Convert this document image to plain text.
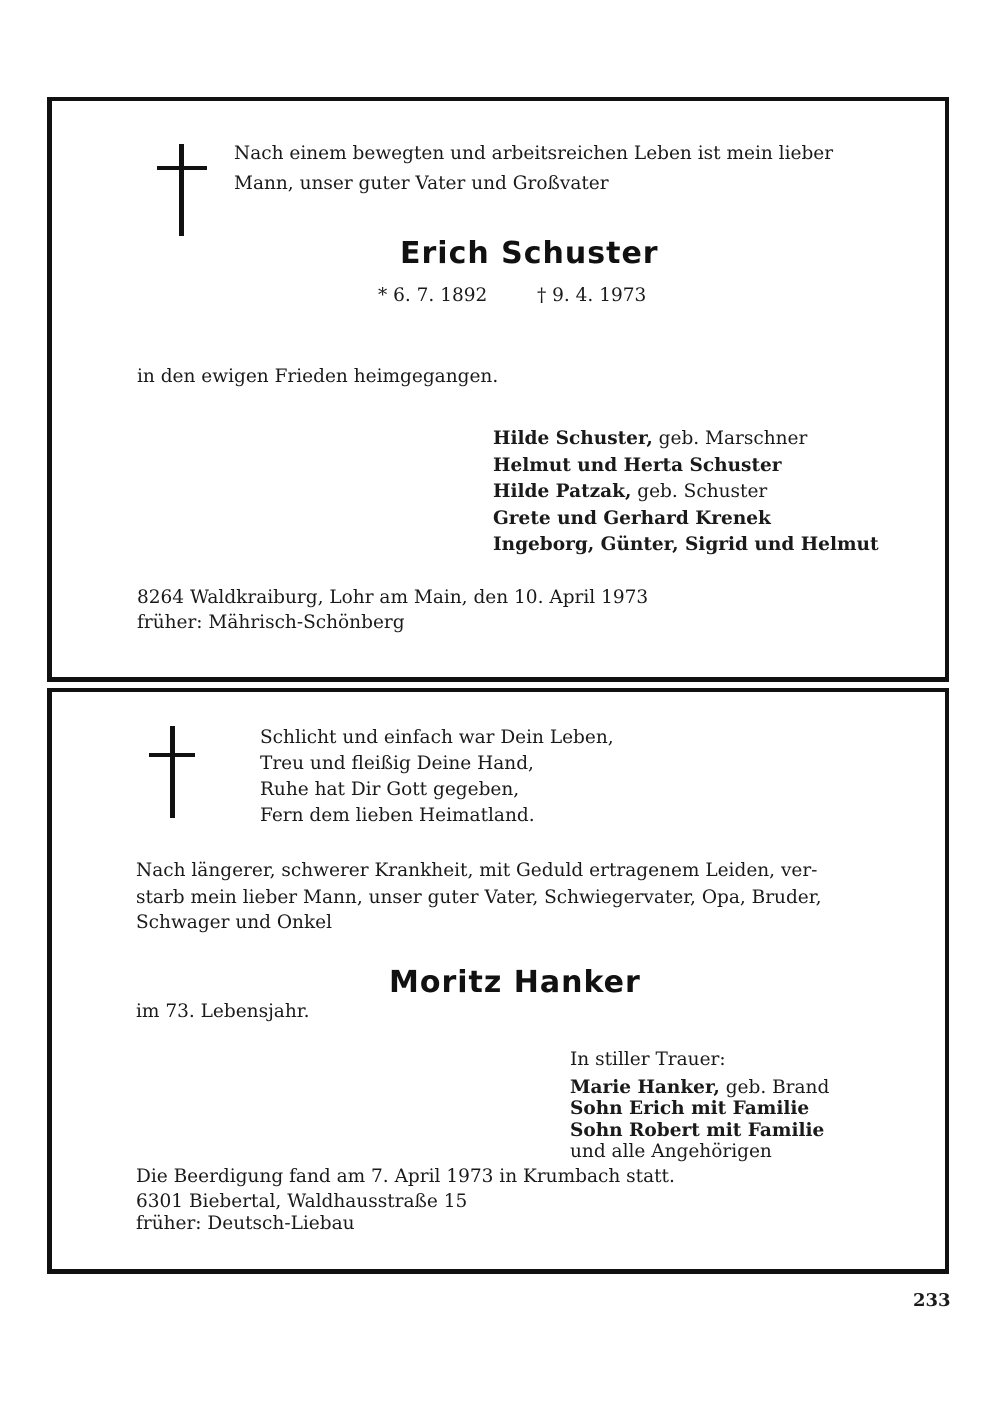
Nach einem bewegten und arbeitsreichen Leben ist mein lieber
Mann, unser guter Vater und Großvater
Erich Schuster
* 6. 7. 1892	† 9. 4. 1973
in den ewigen Frieden heimgegangen.
Hilde Schuster, geb. Marschner
Helmut und Herta Schuster
Hilde Patzak, geb. Schuster
Grete und Gerhard Krenek
Ingeborg, Günter, Sigrid und Helmut
8264 Waldkraiburg, Lohr am Main, den 10. April 1973
früher: Mährisch-Schönberg
Schlicht und einfach war Dein Leben,
Treu und fleißig Deine Hand,
Ruhe hat Dir Gott gegeben,
Fern dem lieben Heimatland.
Nach längerer, schwerer Krankheit, mit Geduld ertragenem Leiden, ver-
starb mein lieber Mann, unser guter Vater, Schwiegervater, Opa, Bruder,
Schwager und Onkel
Moritz Hanker
im 73. Lebensjahr.
In stiller Trauer:
Marie Hanker, geb. Brand
Sohn Erich mit Familie
Sohn Robert mit Familie
und alle Angehörigen
Die Beerdigung fand am 7. April 1973 in Krumbach statt.
6301 Biebertal, Waldhausstraße 15
früher: Deutsch-Liebau
233
